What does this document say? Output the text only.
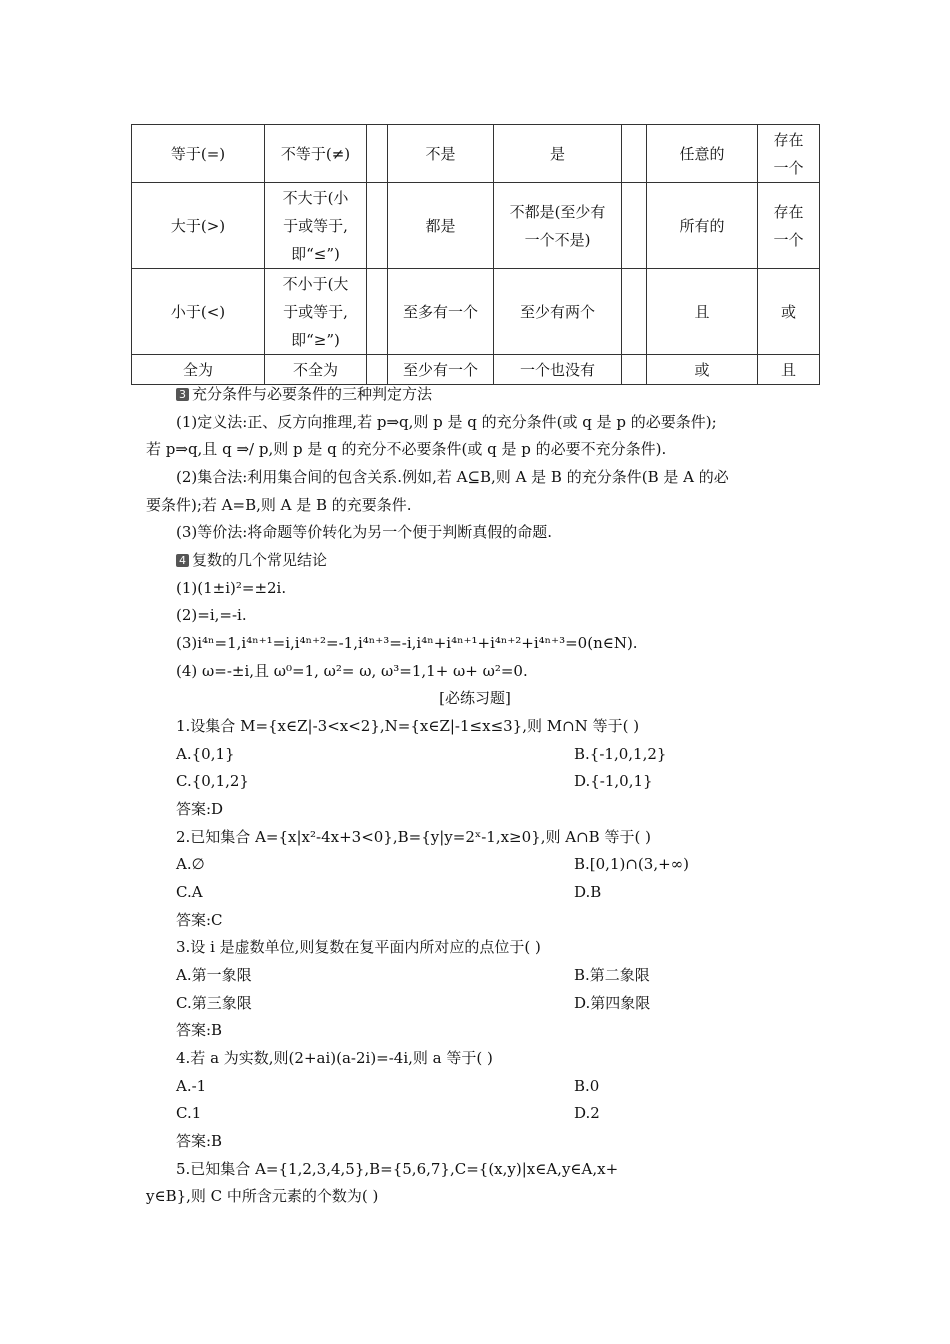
等于(=)	不等于(≠)		不是	是		任意的	存在
一个
大于(>)	不大于(小
于或等于,
即“≤”)		都是	不都是(至少有
一个不是)		所有的	存在
一个
小于(<)	不小于(大
于或等于,
即“≥”)		至多有一个	至少有两个		且	或
全为	不全为		至少有一个	一个也没有		或	且
3 充分条件与必要条件的三种判定方法
(1)定义法:正、反方向推理,若 p⇒q,则 p 是 q 的充分条件(或 q 是 p 的必要条件);
若 p⇒q,且 q ⇒/ p,则 p 是 q 的充分不必要条件(或 q 是 p 的必要不充分条件).
(2)集合法:利用集合间的包含关系.例如,若 A⊆B,则 A 是 B 的充分条件(B 是 A 的必
要条件);若 A=B,则 A 是 B 的充要条件.
(3)等价法:将命题等价转化为另一个便于判断真假的命题.
4 复数的几个常见结论
(1)(1±i)²=±2i.
(2)=i,=-i.
(3)i⁴ⁿ=1,i⁴ⁿ⁺¹=i,i⁴ⁿ⁺²=-1,i⁴ⁿ⁺³=-i,i⁴ⁿ+i⁴ⁿ⁺¹+i⁴ⁿ⁺²+i⁴ⁿ⁺³=0(n∈N).
(4) ω=-±i,且 ω⁰=1, ω²= ω, ω³=1,1+ ω+ ω²=0.
[必练习题]
1.设集合 M={x∈Z|-3<x<2},N={x∈Z|-1≤x≤3},则 M∩N 等于( )
A.{0,1}	B.{-1,0,1,2}
C.{0,1,2}	D.{-1,0,1}
答案:D
2.已知集合 A={x|x²-4x+3<0},B={y|y=2ˣ-1,x≥0},则 A∩B 等于( )
A.∅	B.[0,1)∩(3,+∞)
C.A	D.B
答案:C
3.设 i 是虚数单位,则复数在复平面内所对应的点位于( )
A.第一象限	B.第二象限
C.第三象限	D.第四象限
答案:B
4.若 a 为实数,则(2+ai)(a-2i)=-4i,则 a 等于( )
A.-1	B.0
C.1	D.2
答案:B
5.已知集合 A={1,2,3,4,5},B={5,6,7},C={(x,y)|x∈A,y∈A,x+
y∈B},则 C 中所含元素的个数为( )
